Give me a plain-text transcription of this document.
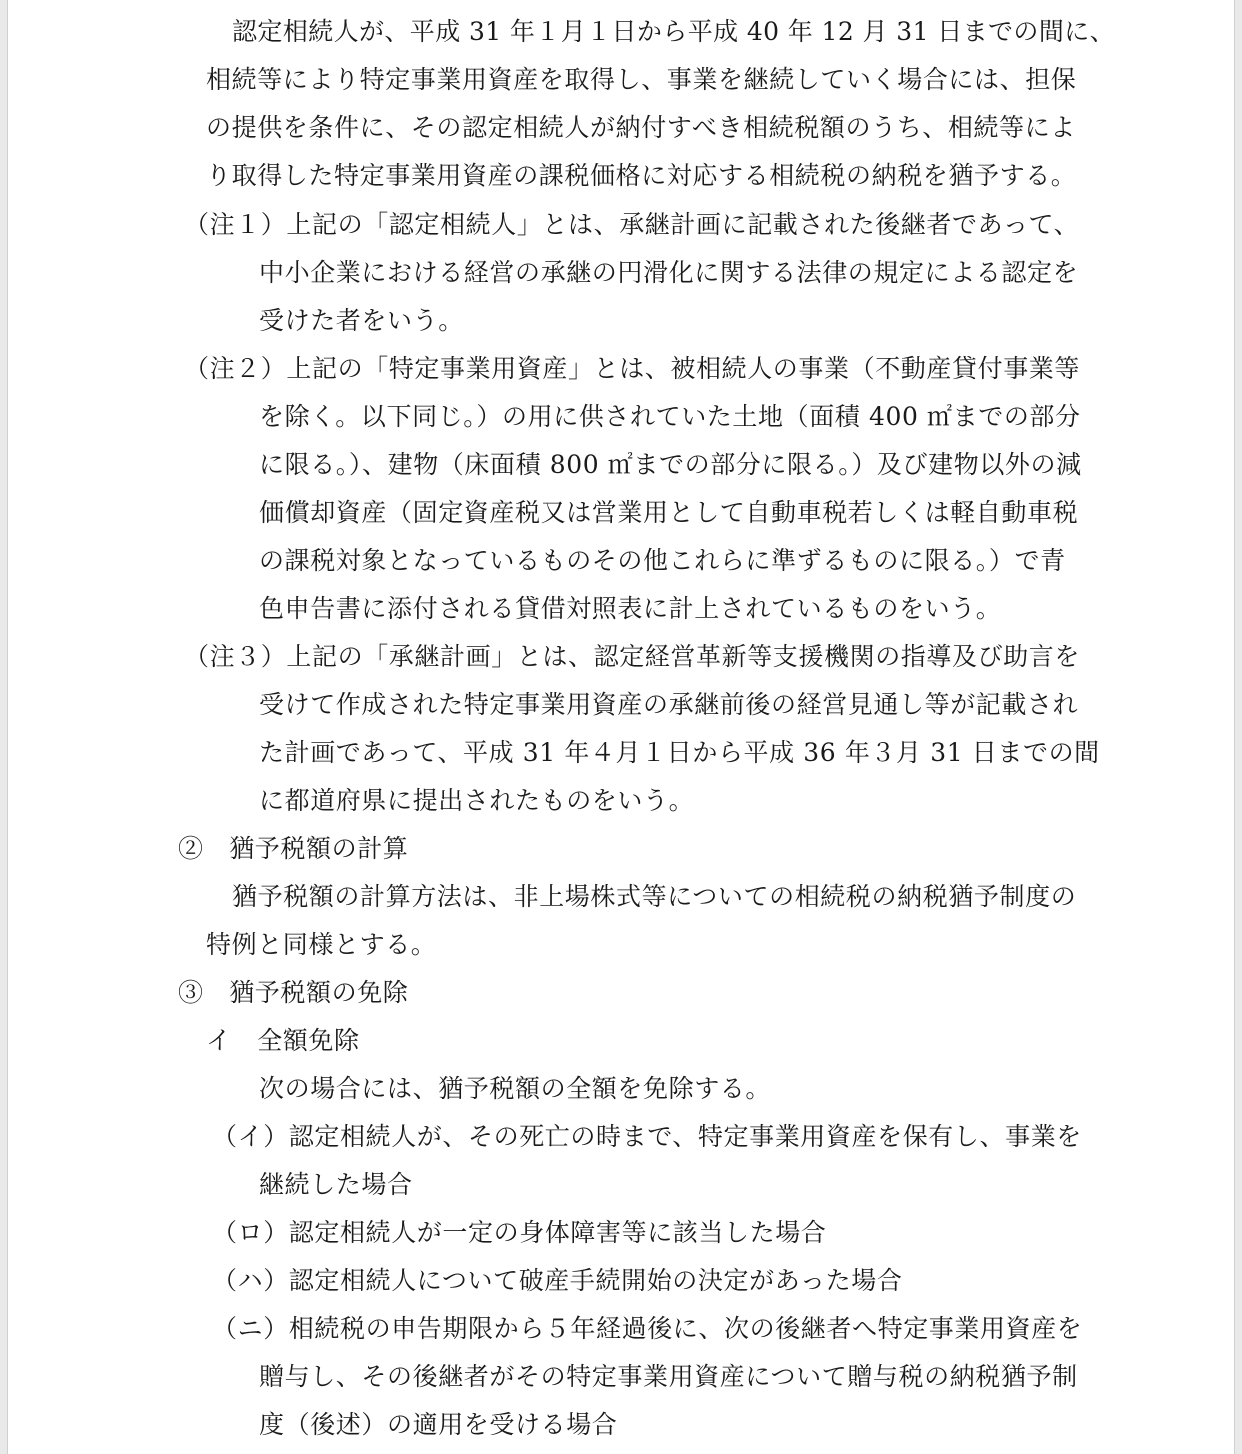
認定相続人が、平成 31 年１月１日から平成 40 年 12 月 31 日までの間に、
相続等により特定事業用資産を取得し、事業を継続していく場合には、担保
の提供を条件に、その認定相続人が納付すべき相続税額のうち、相続等によ
り取得した特定事業用資産の課税価格に対応する相続税の納税を猶予する。
（注１）上記の「認定相続人」とは、承継計画に記載された後継者であって、
中小企業における経営の承継の円滑化に関する法律の規定による認定を
受けた者をいう。
（注２）上記の「特定事業用資産」とは、被相続人の事業（不動産貸付事業等
を除く。以下同じ。）の用に供されていた土地（面積 400 ㎡までの部分
に限る。）、建物（床面積 800 ㎡までの部分に限る。）及び建物以外の減
価償却資産（固定資産税又は営業用として自動車税若しくは軽自動車税
の課税対象となっているものその他これらに準ずるものに限る。）で青
色申告書に添付される貸借対照表に計上されているものをいう。
（注３）上記の「承継計画」とは、認定経営革新等支援機関の指導及び助言を
受けて作成された特定事業用資産の承継前後の経営見通し等が記載され
た計画であって、平成 31 年４月１日から平成 36 年３月 31 日までの間
に都道府県に提出されたものをいう。
②　猶予税額の計算
猶予税額の計算方法は、非上場株式等についての相続税の納税猶予制度の
特例と同様とする。
③　猶予税額の免除
イ　全額免除
次の場合には、猶予税額の全額を免除する。
（イ）認定相続人が、その死亡の時まで、特定事業用資産を保有し、事業を
継続した場合
（ロ）認定相続人が一定の身体障害等に該当した場合
（ハ）認定相続人について破産手続開始の決定があった場合
（ニ）相続税の申告期限から５年経過後に、次の後継者へ特定事業用資産を
贈与し、その後継者がその特定事業用資産について贈与税の納税猶予制
度（後述）の適用を受ける場合
